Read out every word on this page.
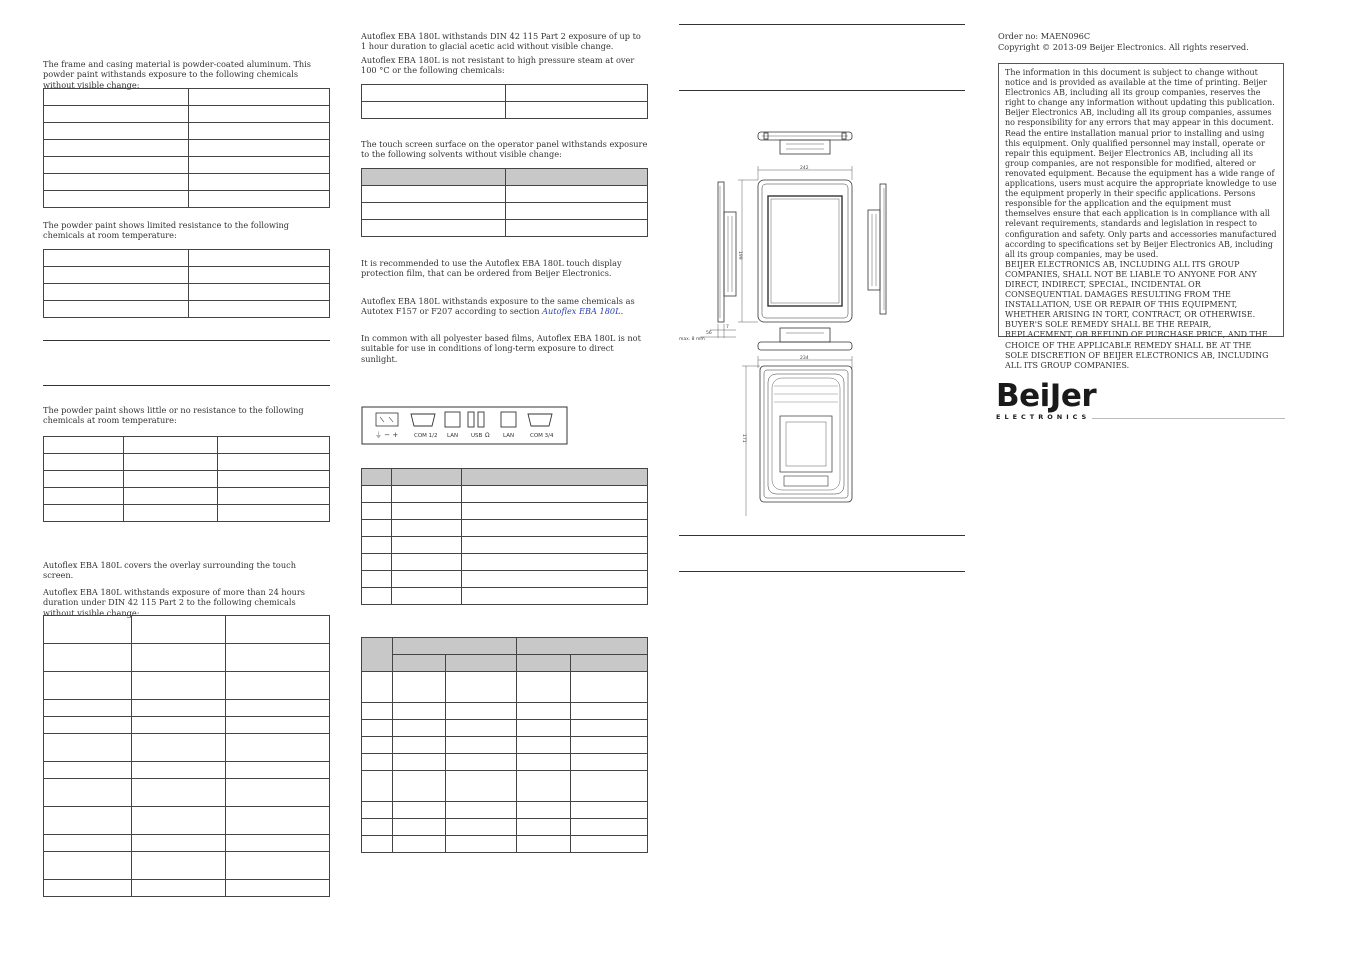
The frame and casing material is powder-coated aluminum. This powder paint withstands exposure to the following chemicals without visible change:

The powder paint shows limited resistance to the following chemicals at room temperature:

The powder paint shows little or no resistance to the following chemicals at room temperature:

Autoflex EBA 180L covers the overlay surrounding the touch screen.
Autoflex EBA 180L withstands exposure of more than 24 hours duration under DIN 42 115 Part 2 to the following chemicals without visible change:

Autoflex EBA 180L withstands DIN 42 115 Part 2 exposure of up to 1 hour duration to glacial acetic acid without visible change.
Autoflex EBA 180L is not resistant to high pressure steam at over 100 °C or the following chemicals:

The touch screen surface on the operator panel withstands exposure to the following solvents without visible change:

It is recommended to use the Autoflex EBA 180L touch display protection film, that can be ordered from Beijer Electronics.
Autoflex EBA 180L withstands exposure to the same chemicals as Autotex F157 or F207 according to section Autoflex EBA 180L.
In common with all polyester based films, Autoflex EBA 180L is not suitable for use in conditions of long-term exposure to direct sunlight.
⏚ − +	COM 1/2 LAN USB Ω LAN	COM 3/4

242
199
7
56
max. 8 mm
234
171
Order no: MAEN096C
Copyright © 2013-09 Beijer Electronics. All rights reserved.
The information in this document is subject to change without notice and is provided as available at the time of printing. Beijer Electronics AB, including all its group companies, reserves the right to change any information without updating this publication. Beijer Electronics AB, including all its group companies, assumes no responsibility for any errors that may appear in this document. Read the entire installation manual prior to installing and using this equipment. Only qualified personnel may install, operate or repair this equipment. Beijer Electronics AB, including all its group companies, are not responsible for modified, altered or renovated equipment. Because the equipment has a wide range of applications, users must acquire the appropriate knowledge to use the equipment properly in their specific applications. Persons responsible for the application and the equipment must themselves ensure that each application is in compliance with all relevant requirements, standards and legislation in respect to configuration and safety. Only parts and accessories manufactured according to specifications set by Beijer Electronics AB, including all its group companies, may be used.
BEIJER ELECTRONICS AB, INCLUDING ALL ITS GROUP COMPANIES, SHALL NOT BE LIABLE TO ANYONE FOR ANY DIRECT, INDIRECT, SPECIAL, INCIDENTAL OR CONSEQUENTIAL DAMAGES RESULTING FROM THE INSTALLATION, USE OR REPAIR OF THIS EQUIPMENT, WHETHER ARISING IN TORT, CONTRACT, OR OTHERWISE. BUYER'S SOLE REMEDY SHALL BE THE REPAIR, REPLACEMENT, OR REFUND OF PURCHASE PRICE, AND THE CHOICE OF THE APPLICABLE REMEDY SHALL BE AT THE SOLE DISCRETION OF BEIJER ELECTRONICS AB, INCLUDING ALL ITS GROUP COMPANIES.
BeiJer
ELECTRONICS
